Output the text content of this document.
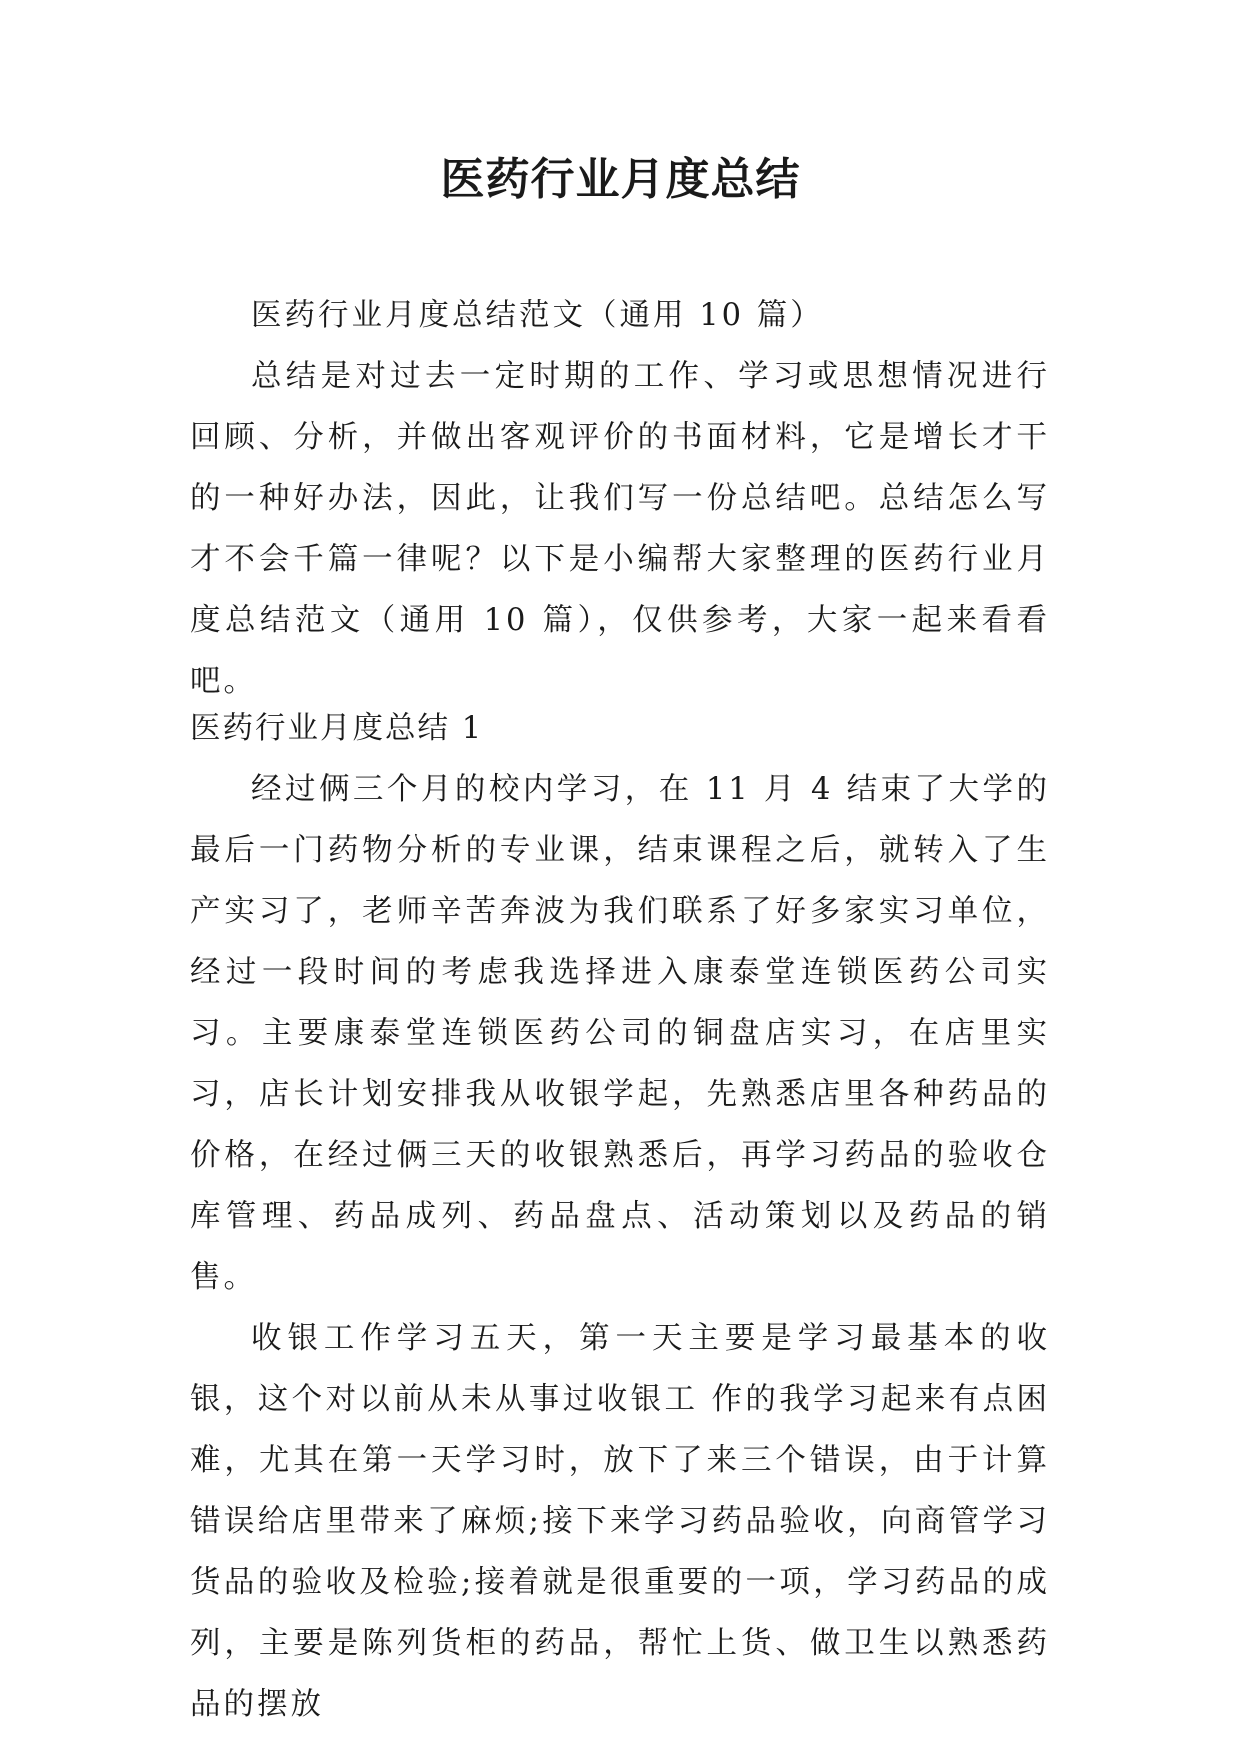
医药行业月度总结
医药行业月度总结范文（通用 10 篇）

总结是对过去一定时期的工作、学习或思想情况进行回顾、分析，并做出客观评价的书面材料，它是增长才干的一种好办法，因此，让我们写一份总结吧。总结怎么写才不会千篇一律呢？以下是小编帮大家整理的医药行业月度总结范文（通用 10 篇），仅供参考，大家一起来看看吧。

医药行业月度总结 1

经过俩三个月的校内学习，在 11 月 4 结束了大学的最后一门药物分析的专业课，结束课程之后，就转入了生产实习了，老师辛苦奔波为我们联系了好多家实习单位，经过一段时间的考虑我选择进入康泰堂连锁医药公司实习。主要康泰堂连锁医药公司的铜盘店实习，在店里实习，店长计划安排我从收银学起，先熟悉店里各种药品的价格，在经过俩三天的收银熟悉后，再学习药品的验收仓库管理、药品成列、药品盘点、活动策划以及药品的销售。

收银工作学习五天，第一天主要是学习最基本的收银，这个对以前从未从事过收银工 作的我学习起来有点困难，尤其在第一天学习时，放下了来三个错误，由于计算错误给店里带来了麻烦;接下来学习药品验收，向商管学习货品的验收及检验;接着就是很重要的一项，学习药品的成列，主要是陈列货柜的药品，帮忙上货、做卫生以熟悉药品的摆放
